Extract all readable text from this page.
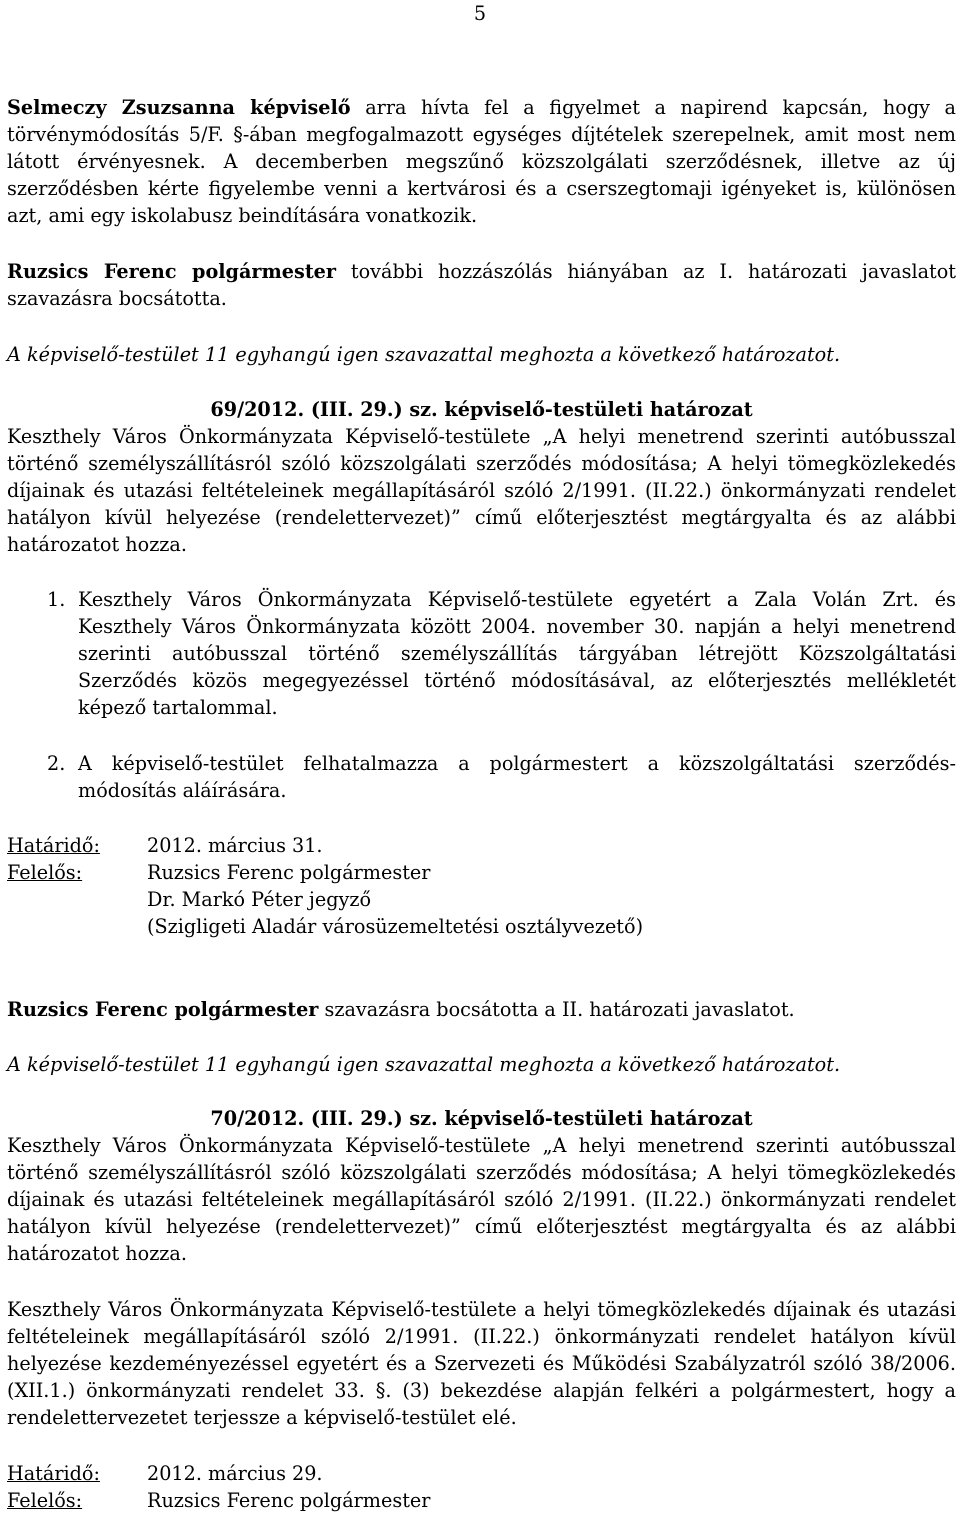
5

Selmeczy Zsuzsanna képviselő arra hívta fel a figyelmet a napirend kapcsán, hogy a törvénymódosítás 5/F. §-ában megfogalmazott egységes díjtételek szerepelnek, amit most nem látott érvényesnek. A decemberben megszűnő közszolgálati szerződésnek, illetve az új szerződésben kérte figyelembe venni a kertvárosi és a cserszegtomaji igényeket is, különösen azt, ami egy iskolabusz beindítására vonatkozik.

Ruzsics Ferenc polgármester további hozzászólás hiányában az I. határozati javaslatot szavazásra bocsátotta.

A képviselő-testület 11 egyhangú igen szavazattal meghozta a következő határozatot.

69/2012. (III. 29.) sz. képviselő-testületi határozat

Keszthely Város Önkormányzata Képviselő-testülete „A helyi menetrend szerinti autóbusszal történő személyszállításról szóló közszolgálati szerződés módosítása; A helyi tömegközlekedés díjainak és utazási feltételeinek megállapításáról szóló 2/1991. (II.22.) önkormányzati rendelet hatályon kívül helyezése (rendelettervezet)” című előterjesztést megtárgyalta és az alábbi határozatot hozza.

1. Keszthely Város Önkormányzata Képviselő-testülete egyetért a Zala Volán Zrt. és Keszthely Város Önkormányzata között 2004. november 30. napján a helyi menetrend szerinti autóbusszal történő személyszállítás tárgyában létrejött Közszolgáltatási Szerződés közös megegyezéssel történő módosításával, az előterjesztés mellékletét képező tartalommal.

2. A képviselő-testület felhatalmazza a polgármestert a közszolgáltatási szerződés-módosítás aláírására.

Határidő: 2012. március 31.
Felelős:	Ruzsics Ferenc polgármester
Dr. Markó Péter jegyző
(Szigligeti Aladár városüzemeltetési osztályvezető)

Ruzsics Ferenc polgármester szavazásra bocsátotta a II. határozati javaslatot.

A képviselő-testület 11 egyhangú igen szavazattal meghozta a következő határozatot.

70/2012. (III. 29.) sz. képviselő-testületi határozat

Keszthely Város Önkormányzata Képviselő-testülete „A helyi menetrend szerinti autóbusszal történő személyszállításról szóló közszolgálati szerződés módosítása; A helyi tömegközlekedés díjainak és utazási feltételeinek megállapításáról szóló 2/1991. (II.22.) önkormányzati rendelet hatályon kívül helyezése (rendelettervezet)” című előterjesztést megtárgyalta és az alábbi határozatot hozza.

Keszthely Város Önkormányzata Képviselő-testülete a helyi tömegközlekedés díjainak és utazási feltételeinek megállapításáról szóló 2/1991. (II.22.) önkormányzati rendelet hatályon kívül helyezése kezdeményezéssel egyetért és a Szervezeti és Működési Szabályzatról szóló 38/2006. (XII.1.) önkormányzati rendelet 33. §. (3) bekezdése alapján felkéri a polgármestert, hogy a rendelettervezetet terjessze a képviselő-testület elé.

Határidő: 2012. március 29.
Felelős:	Ruzsics Ferenc polgármester
